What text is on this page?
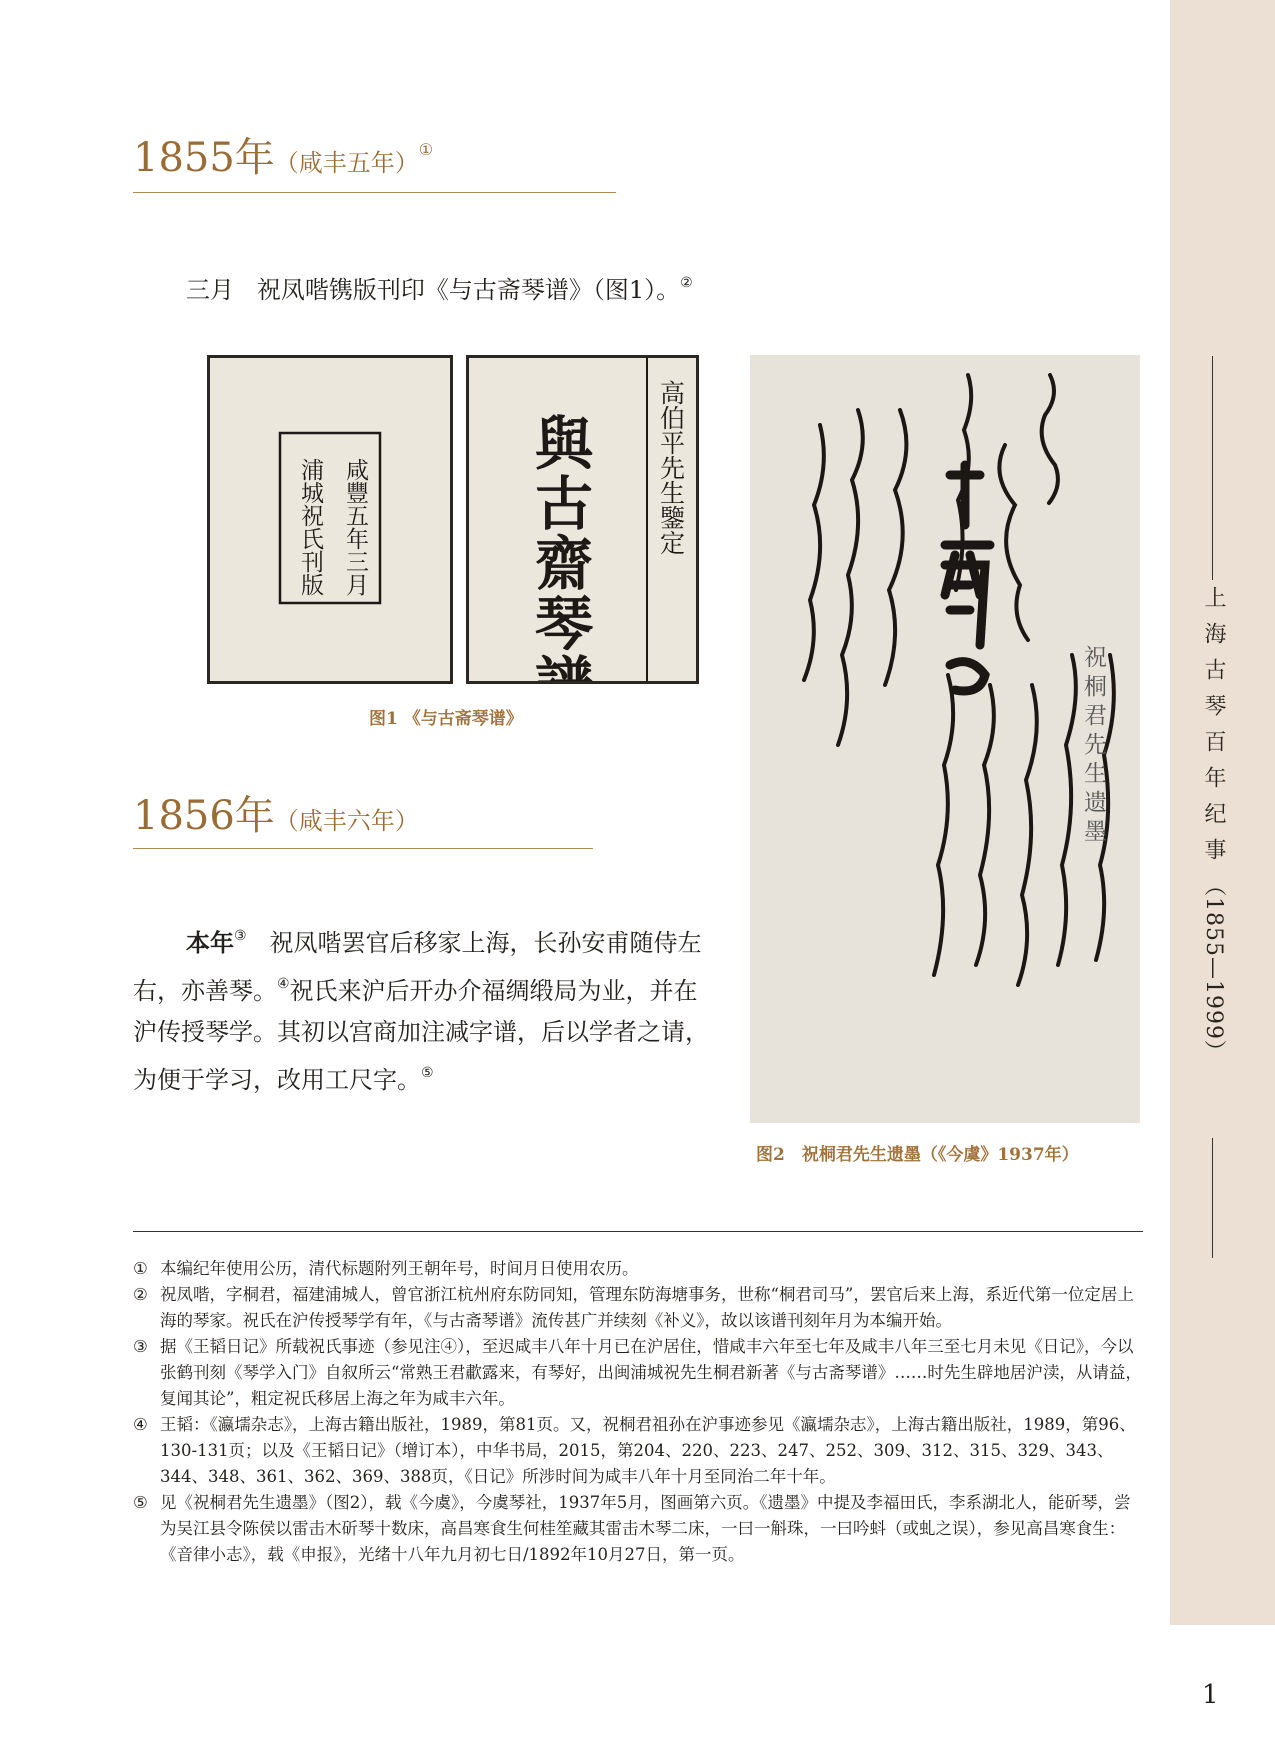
上海古琴百年纪事（1855—1999）
1855年（咸丰五年）①
三月 祝凤喈镌版刊印《与古斋琴谱》（图1）。②
咸豐五年三月
浦城祝氏刊版	與古齋琴譜	高伯平先生鑒定
图1 《与古斋琴谱》	祝桐君先生遗墨
图2　祝桐君先生遗墨（《今虞》1937年）
1856年（咸丰六年）
本年③ 祝凤喈罢官后移家上海，长孙安甫随侍左右，亦善琴。④祝氏来沪后开办介福绸缎局为业，并在沪传授琴学。其初以宫商加注减字谱，后以学者之请，为便于学习，改用工尺字。⑤
① 本编纪年使用公历，清代标题附列王朝年号，时间月日使用农历。
② 祝凤喈，字桐君，福建浦城人，曾官浙江杭州府东防同知，管理东防海塘事务，世称“桐君司马”，罢官后来上海，系近代第一位定居上海的琴家。祝氏在沪传授琴学有年，《与古斋琴谱》流传甚广并续刻《补义》，故以该谱刊刻年月为本编开始。
③ 据《王韬日记》所载祝氏事迹（参见注④），至迟咸丰八年十月已在沪居住，惜咸丰六年至七年及咸丰八年三至七月未见《日记》，今以张鹤刊刻《琴学入门》自叙所云“常熟王君歗露来，有琴好，出闽浦城祝先生桐君新著《与古斋琴谱》……时先生辟地居沪渎，从请益，复闻其论”，粗定祝氏移居上海之年为咸丰六年。
④ 王韬：《瀛壖杂志》，上海古籍出版社，1989，第81页。又，祝桐君祖孙在沪事迹参见《瀛壖杂志》，上海古籍出版社，1989，第96、130-131页；以及《王韬日记》（增订本），中华书局，2015，第204、220、223、247、252、309、312、315、329、343、344、348、361、362、369、388页，《日记》所涉时间为咸丰八年十月至同治二年十年。
⑤ 见《祝桐君先生遗墨》（图2），载《今虞》，今虞琴社，1937年5月，图画第六页。《遗墨》中提及李福田氏，李系湖北人，能斫琴，尝为吴江县令陈侯以雷击木斫琴十数床，高昌寒食生何桂笙藏其雷击木琴二床，一曰一斛珠，一曰吟蚪（或虬之误），参见高昌寒食生：《音律小志》，载《申报》，光绪十八年九月初七日/1892年10月27日，第一页。
1
